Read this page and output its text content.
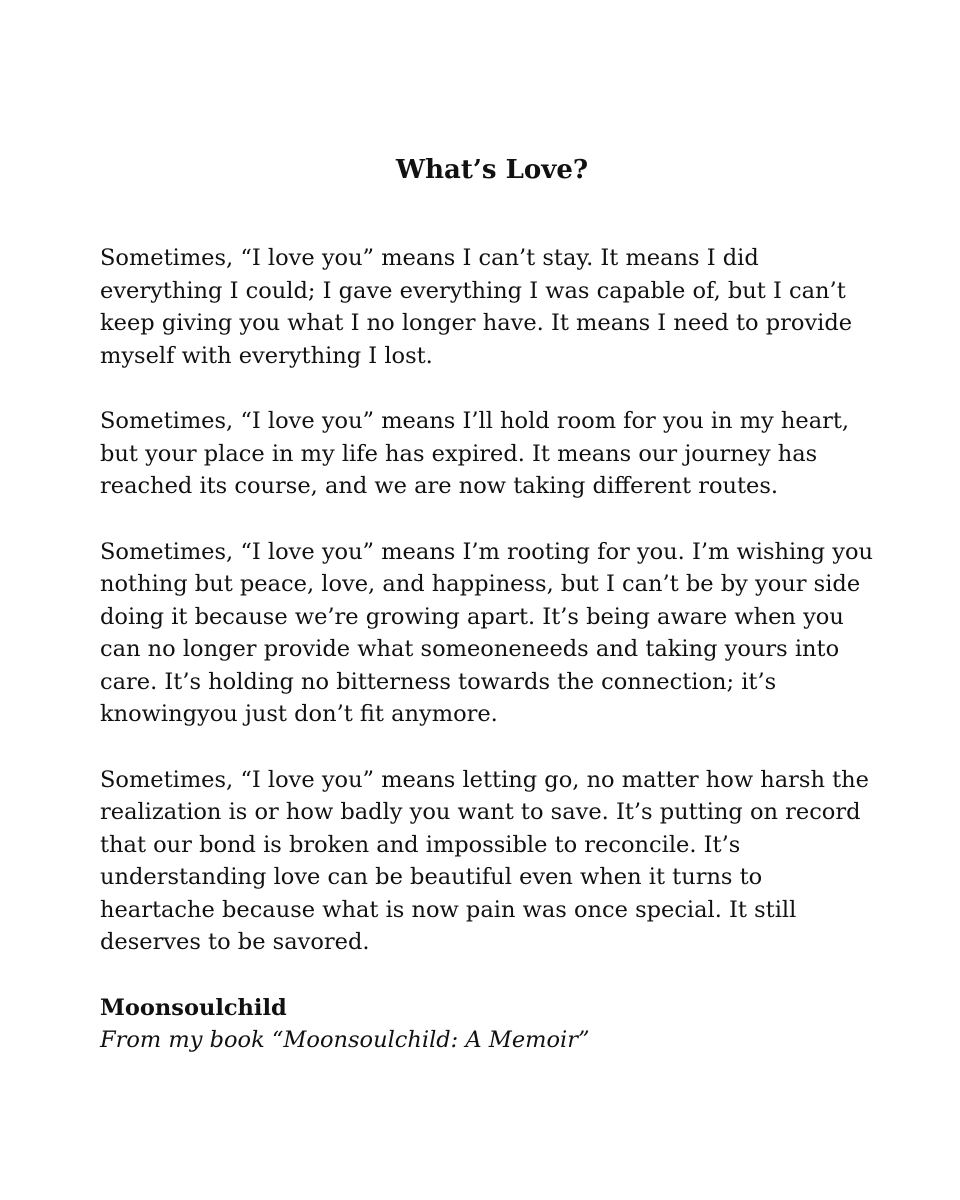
What’s Love?

Sometimes, “I love you” means I can’t stay. It means I did everything I could; I gave everything I was capable of, but I can’t keep giving you what I no longer have. It means I need to provide myself with everything I lost.

Sometimes, “I love you” means I’ll hold room for you in my heart, but your place in my life has expired. It means our journey has reached its course, and we are now taking different routes.

Sometimes, “I love you” means I’m rooting for you. I’m wishing you nothing but peace, love, and happiness, but I can’t be by your side doing it because we’re growing apart. It’s being aware when you can no longer provide what someoneneeds and taking yours into care. It’s holding no bitterness towards the connection; it’s knowingyou just don’t fit anymore.

Sometimes, “I love you” means letting go, no matter how harsh the realization is or how badly you want to save. It’s putting on record that our bond is broken and impossible to reconcile. It’s understanding love can be beautiful even when it turns to heartache because what is now pain was once special. It still deserves to be savored.

Moonsoulchild

From my book “Moonsoulchild: A Memoir”
